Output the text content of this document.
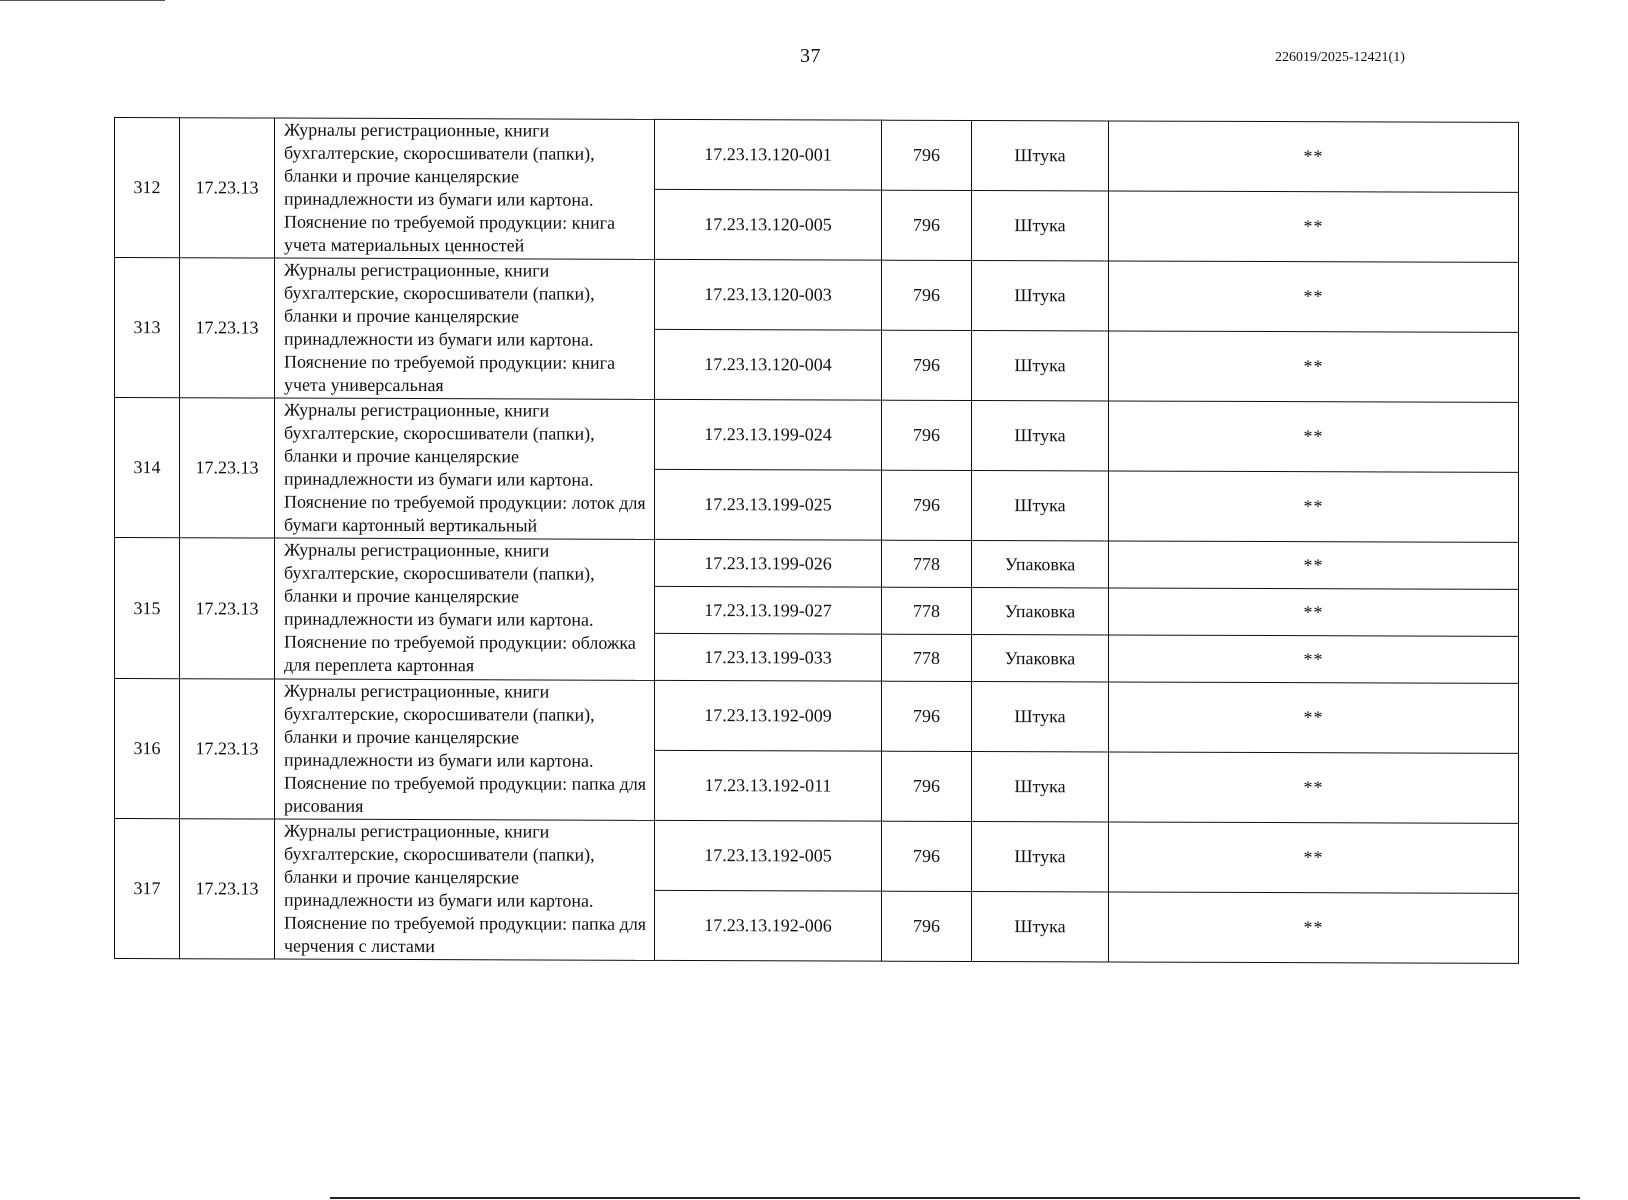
37	226019/2025-12421(1)
312	17.23.13	Журналы регистрационные, книги бухгалтерские, скоросшиватели (папки), бланки и прочие канцелярские принадлежности из бумаги или картона. Пояснение по требуемой продукции: книга учета материальных ценностей	17.23.13.120-001	796	Штука	**
			17.23.13.120-005	796	Штука	**
313	17.23.13	Журналы регистрационные, книги бухгалтерские, скоросшиватели (папки), бланки и прочие канцелярские принадлежности из бумаги или картона. Пояснение по требуемой продукции: книга учета универсальная	17.23.13.120-003	796	Штука	**
			17.23.13.120-004	796	Штука	**
314	17.23.13	Журналы регистрационные, книги бухгалтерские, скоросшиватели (папки), бланки и прочие канцелярские принадлежности из бумаги или картона. Пояснение по требуемой продукции: лоток для бумаги картонный вертикальный	17.23.13.199-024	796	Штука	**
			17.23.13.199-025	796	Штука	**
315	17.23.13	Журналы регистрационные, книги бухгалтерские, скоросшиватели (папки), бланки и прочие канцелярские принадлежности из бумаги или картона. Пояснение по требуемой продукции: обложка для переплета картонная	17.23.13.199-026	778	Упаковка	**
			17.23.13.199-027	778	Упаковка	**
			17.23.13.199-033	778	Упаковка	**
316	17.23.13	Журналы регистрационные, книги бухгалтерские, скоросшиватели (папки), бланки и прочие канцелярские принадлежности из бумаги или картона. Пояснение по требуемой продукции: папка для рисования	17.23.13.192-009	796	Штука	**
			17.23.13.192-011	796	Штука	**
317	17.23.13	Журналы регистрационные, книги бухгалтерские, скоросшиватели (папки), бланки и прочие канцелярские принадлежности из бумаги или картона. Пояснение по требуемой продукции: папка для черчения с листами	17.23.13.192-005	796	Штука	**
			17.23.13.192-006	796	Штука	**
